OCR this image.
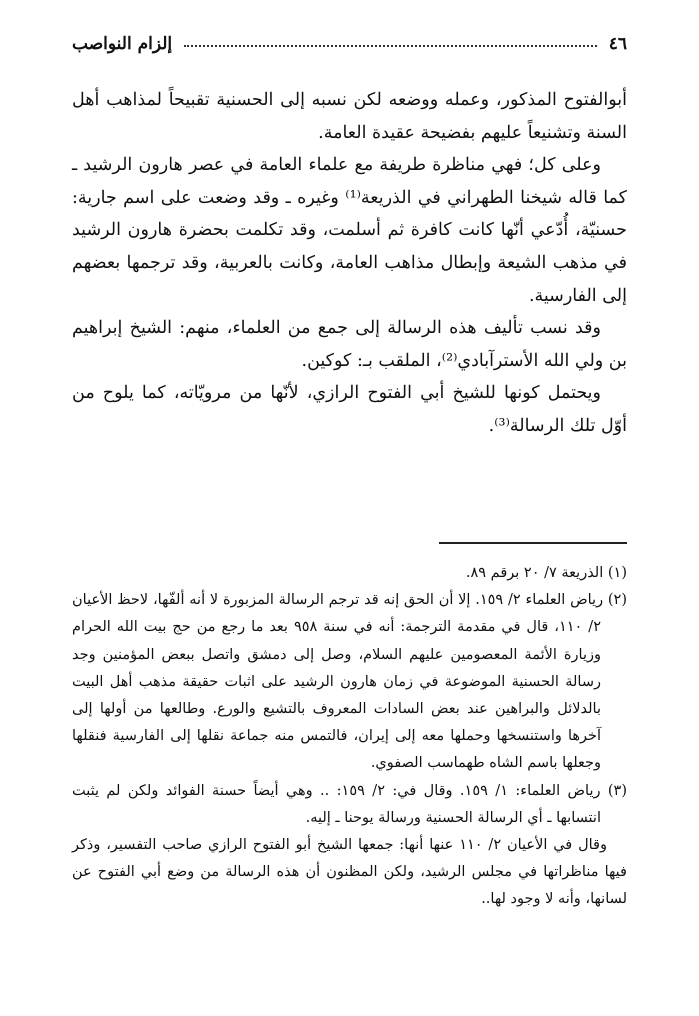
٤٦
إلزام النواصب

أبوالفتوح المذكور، وعمله ووضعه لكن نسبه إلى الحسنية تقبيحاً لمذاهب أهل السنة وتشنيعاً عليهم بفضيحة عقيدة العامة.

وعلى كل؛ فهي مناظرة طريفة مع علماء العامة في عصر هارون الرشيد ـ كما قاله شيخنا الطهراني في الذريعة⁽¹⁾ وغيره ـ وقد وضعت على اسم جارية: حسنيّة، أُدّعي أنّها كانت كافرة ثم أسلمت، وقد تكلمت بحضرة هارون الرشيد في مذهب الشيعة وإبطال مذاهب العامة، وكانت بالعربية، وقد ترجمها بعضهم إلى الفارسية.

وقد نسب تأليف هذه الرسالة إلى جمع من العلماء، منهم: الشيخ إبراهيم بن ولي الله الأسترآبادي⁽²⁾، الملقب بـ: كوكين.

ويحتمل كونها للشيخ أبي الفتوح الرازي، لأنّها من مرويّاته، كما يلوح من أوّل تلك الرسالة⁽³⁾.

(١) الذريعة ٧/ ٢٠ برقم ٨٩.

(٢) رياض العلماء ٢/ ١٥٩. إلا أن الحق إنه قد ترجم الرسالة المزبورة لا أنه ألفّها، لاحظ الأعيان ٢/ ١١٠، قال في مقدمة الترجمة: أنه في سنة ٩٥٨ بعد ما رجع من حج بيت الله الحرام وزيارة الأئمة المعصومين عليهم السلام، وصل إلى دمشق واتصل ببعض المؤمنين وجد رسالة الحسنية الموضوعة في زمان هارون الرشيد على اثبات حقيقة مذهب أهل البيت بالدلائل والبراهين عند بعض السادات المعروف بالتشيع والورع. وطالعها من أولها إلى آخرها واستنسخها وحملها معه إلى إيران، فالتمس منه جماعة نقلها إلى الفارسية فنقلها وجعلها باسم الشاه طهماسب الصفوي.

(٣) رياض العلماء: ١/ ١٥٩. وقال في: ٢/ ١٥٩: .. وهي أيضاً حسنة الفوائد ولكن لم يثبت انتسابها ـ أي الرسالة الحسنية ورسالة يوحنا ـ إليه.

وقال في الأعيان ٢/ ١١٠ عنها أنها: جمعها الشيخ أبو الفتوح الرازي صاحب التفسير، وذكر فيها مناظراتها في مجلس الرشيد، ولكن المظنون أن هذه الرسالة من وضع أبي الفتوح عن لسانها، وأنه لا وجود لها..
